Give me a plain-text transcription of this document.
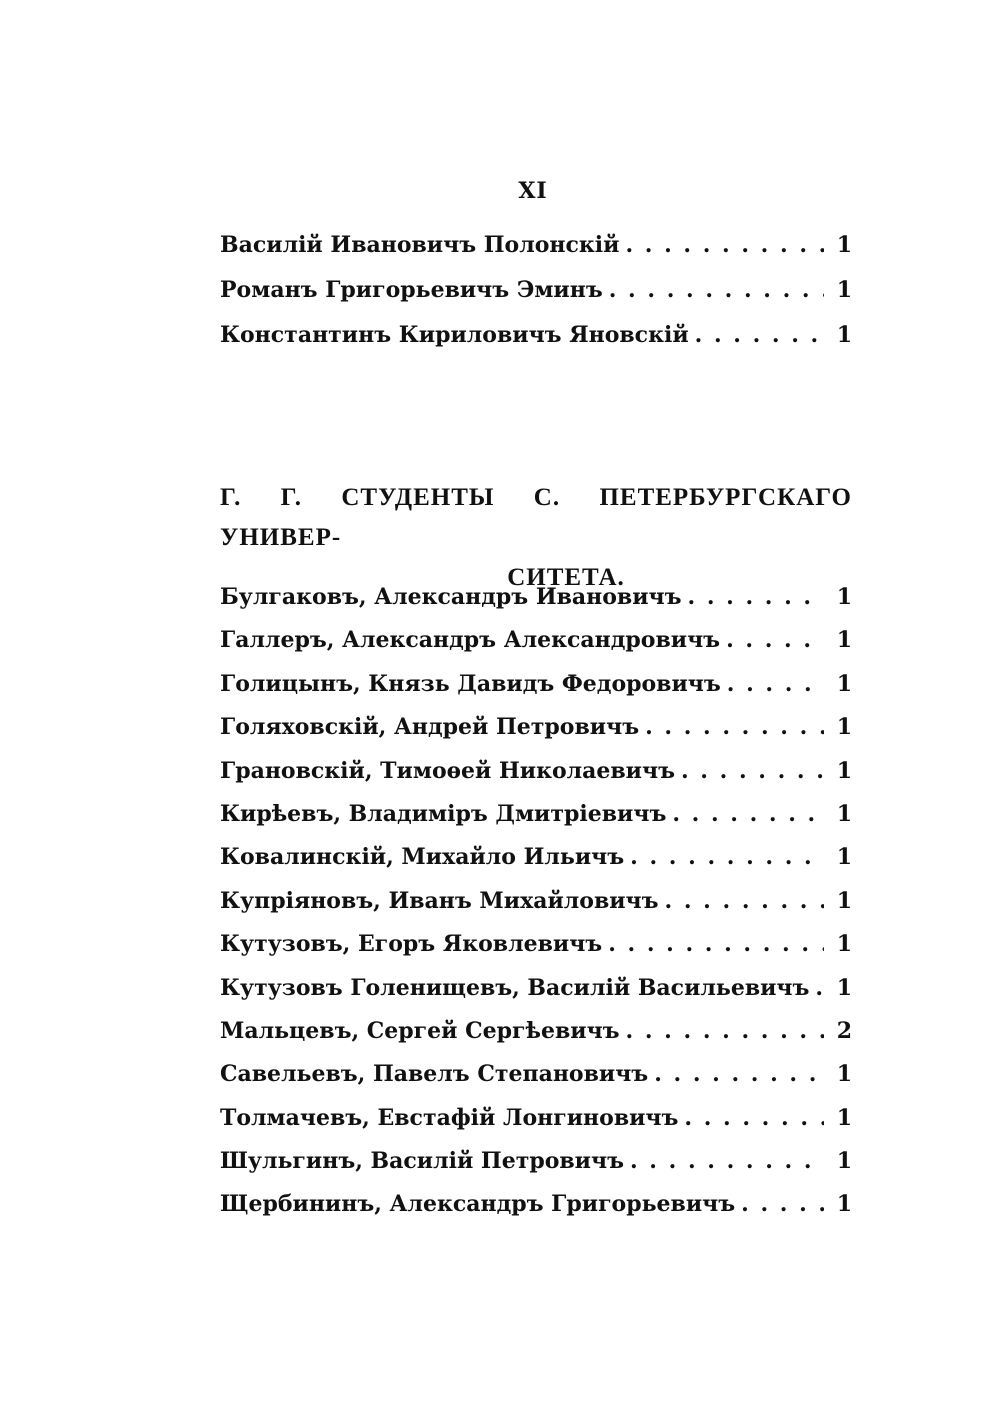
XI
Василій Ивановичъ Полонскій . . .	1
Романъ Григорьевичъ Эминъ . . .	1
Константинъ Кириловичъ Яновскій . . .	1
Г. Г. СТУДЕНТЫ С. ПЕТЕРБУРГСКАГО УНИВЕР-
СИТЕТА.
Булгаковъ, Александръ Ивановичъ . . .	1
Галлеръ, Александръ Александровичъ . . .	1
Голицынъ, Князь Давидъ Федоровичъ . . .	1
Голяховскій, Андрей Петровичъ . . .	1
Грановскій, Тимоѳей Николаевичъ . . .	1
Кирѣевъ, Владиміръ Дмитріевичъ . . .	1
Ковалинскій, Михайло Ильичъ . . .	1
Купріяновъ, Иванъ Михайловичъ . . .	1
Кутузовъ, Егоръ Яковлевичъ . . .	1
Кутузовъ Голенищевъ, Василій Васильевичъ . . .	1
Мальцевъ, Сергей Сергѣевичъ . . .	2
Савельевъ, Павелъ Степановичъ . . .	1
Толмачевъ, Евстафій Лонгиновичъ . . .	1
Шульгинъ, Василій Петровичъ . . .	1
Щербининъ, Александръ Григорьевичъ . . .	1
